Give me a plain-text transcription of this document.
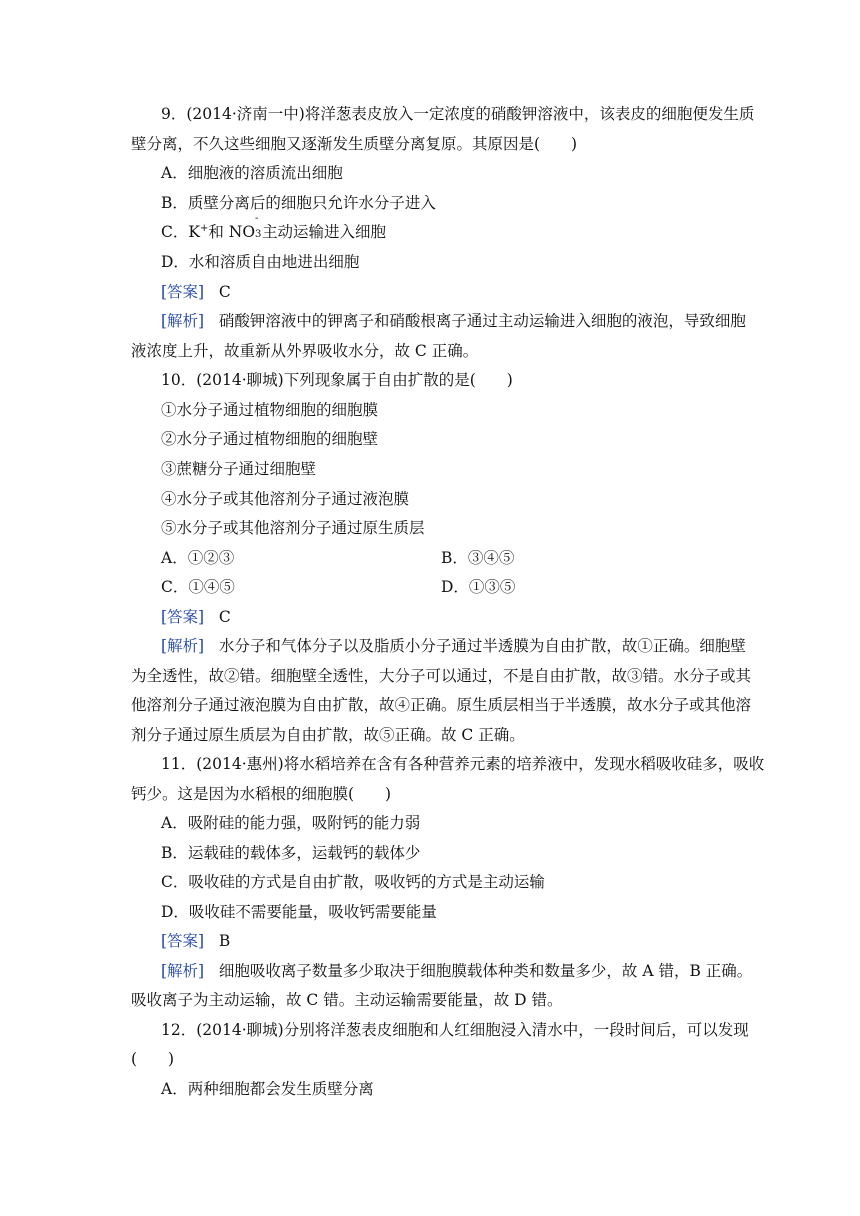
9．(2014·济南一中)将洋葱表皮放入一定浓度的硝酸钾溶液中，该表皮的细胞便发生质
壁分离，不久这些细胞又逐渐发生质壁分离复原。其原因是(　　)
A．细胞液的溶质流出细胞
B．质壁分离后的细胞只允许水分子进入
C．K+和 NO
-
3 主动运输进入细胞
D．水和溶质自由地进出细胞
[答案] C
[解析] 硝酸钾溶液中的钾离子和硝酸根离子通过主动运输进入细胞的液泡，导致细胞
液浓度上升，故重新从外界吸收水分，故 C 正确。
10．(2014·聊城)下列现象属于自由扩散的是(　　)
①水分子通过植物细胞的细胞膜
②水分子通过植物细胞的细胞壁
③蔗糖分子通过细胞壁
④水分子或其他溶剂分子通过液泡膜
⑤水分子或其他溶剂分子通过原生质层
A．①②③	B．③④⑤
C．①④⑤	D．①③⑤
[答案] C
[解析] 水分子和气体分子以及脂质小分子通过半透膜为自由扩散，故①正确。细胞壁
为全透性，故②错。细胞壁全透性，大分子可以通过，不是自由扩散，故③错。水分子或其
他溶剂分子通过液泡膜为自由扩散，故④正确。原生质层相当于半透膜，故水分子或其他溶
剂分子通过原生质层为自由扩散，故⑤正确。故 C 正确。
11．(2014·惠州)将水稻培养在含有各种营养元素的培养液中，发现水稻吸收硅多，吸收
钙少。这是因为水稻根的细胞膜(　　)
A．吸附硅的能力强，吸附钙的能力弱
B．运载硅的载体多，运载钙的载体少
C．吸收硅的方式是自由扩散，吸收钙的方式是主动运输
D．吸收硅不需要能量，吸收钙需要能量
[答案] B
[解析] 细胞吸收离子数量多少取决于细胞膜载体种类和数量多少，故 A 错，B 正确。
吸收离子为主动运输，故 C 错。主动运输需要能量，故 D 错。
12．(2014·聊城)分别将洋葱表皮细胞和人红细胞浸入清水中，一段时间后，可以发现
(　　)
A．两种细胞都会发生质壁分离
